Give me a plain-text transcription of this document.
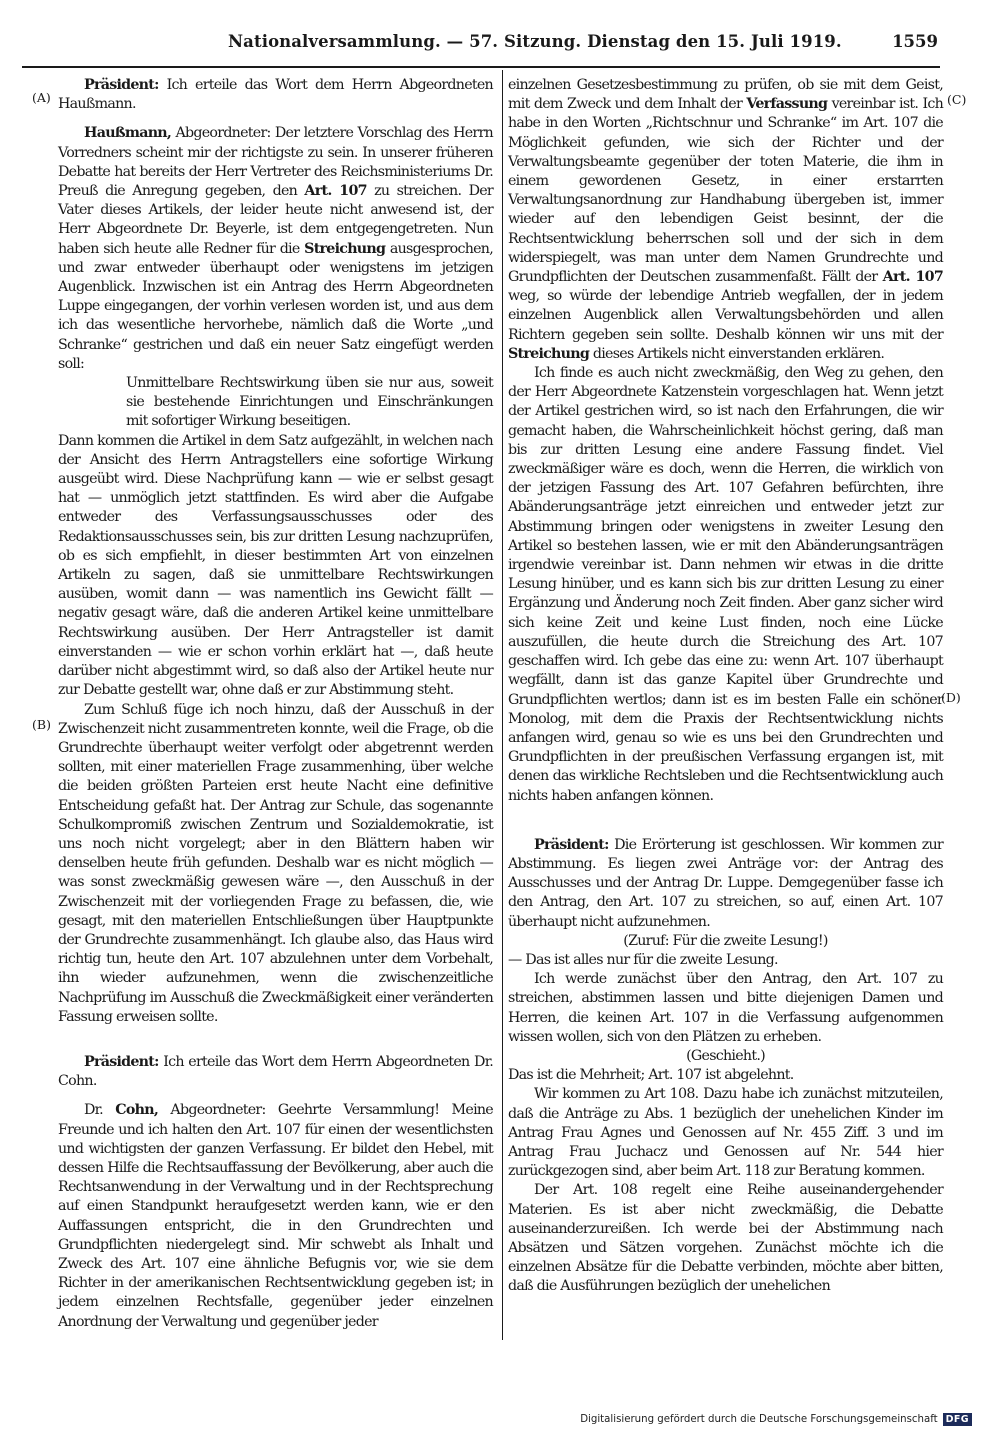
Nationalversammlung. — 57. Sitzung. Dienstag den 15. Juli 1919.	1559
(A)
(B)
(C)
(D)

Präsident: Ich erteile das Wort dem Herrn Abgeordneten Haußmann.

Haußmann, Abgeordneter: Der letztere Vorschlag des Herrn Vorredners scheint mir der richtigste zu sein. In unserer früheren Debatte hat bereits der Herr Vertreter des Reichsministeriums Dr. Preuß die Anregung gegeben, den Art. 107 zu streichen. Der Vater dieses Artikels, der leider heute nicht anwesend ist, der Herr Abgeordnete Dr. Beyerle, ist dem entgegengetreten. Nun haben sich heute alle Redner für die Streichung ausgesprochen, und zwar entweder überhaupt oder wenigstens im jetzigen Augenblick. Inzwischen ist ein Antrag des Herrn Abgeordneten Luppe eingegangen, der vorhin verlesen worden ist, und aus dem ich das wesentliche hervorhebe, nämlich daß die Worte „und Schranke“ gestrichen und daß ein neuer Satz eingefügt werden soll:

Unmittelbare Rechtswirkung üben sie nur aus, soweit sie bestehende Einrichtungen und Einschränkungen mit sofortiger Wirkung beseitigen.

Dann kommen die Artikel in dem Satz aufgezählt, in welchen nach der Ansicht des Herrn Antragstellers eine sofortige Wirkung ausgeübt wird. Diese Nachprüfung kann — wie er selbst gesagt hat — unmöglich jetzt stattfinden. Es wird aber die Aufgabe entweder des Verfassungsausschusses oder des Redaktionsausschusses sein, bis zur dritten Lesung nachzuprüfen, ob es sich empfiehlt, in dieser bestimmten Art von einzelnen Artikeln zu sagen, daß sie unmittelbare Rechtswirkungen ausüben, womit dann — was namentlich ins Gewicht fällt — negativ gesagt wäre, daß die anderen Artikel keine unmittelbare Rechtswirkung ausüben. Der Herr Antragsteller ist damit einverstanden — wie er schon vorhin erklärt hat —, daß heute darüber nicht abgestimmt wird, so daß also der Artikel heute nur zur Debatte gestellt war, ohne daß er zur Abstimmung steht.

Zum Schluß füge ich noch hinzu, daß der Ausschuß in der Zwischenzeit nicht zusammentreten konnte, weil die Frage, ob die Grundrechte überhaupt weiter verfolgt oder abgetrennt werden sollten, mit einer materiellen Frage zusammenhing, über welche die beiden größten Parteien erst heute Nacht eine definitive Entscheidung gefaßt hat. Der Antrag zur Schule, das sogenannte Schulkompromiß zwischen Zentrum und Sozialdemokratie, ist uns noch nicht vorgelegt; aber in den Blättern haben wir denselben heute früh gefunden. Deshalb war es nicht möglich — was sonst zweckmäßig gewesen wäre —, den Ausschuß in der Zwischenzeit mit der vorliegenden Frage zu befassen, die, wie gesagt, mit den materiellen Entschließungen über Hauptpunkte der Grundrechte zusammenhängt. Ich glaube also, das Haus wird richtig tun, heute den Art. 107 abzulehnen unter dem Vorbehalt, ihn wieder aufzunehmen, wenn die zwischenzeitliche Nachprüfung im Ausschuß die Zweckmäßigkeit einer veränderten Fassung erweisen sollte.

Präsident: Ich erteile das Wort dem Herrn Abgeordneten Dr. Cohn.

Dr. Cohn, Abgeordneter: Geehrte Versammlung! Meine Freunde und ich halten den Art. 107 für einen der wesentlichsten und wichtigsten der ganzen Verfassung. Er bildet den Hebel, mit dessen Hilfe die Rechtsauffassung der Bevölkerung, aber auch die Rechtsanwendung in der Verwaltung und in der Rechtsprechung auf einen Standpunkt heraufgesetzt werden kann, wie er den Auffassungen entspricht, die in den Grundrechten und Grundpflichten niedergelegt sind. Mir schwebt als Inhalt und Zweck des Art. 107 eine ähnliche Befugnis vor, wie sie dem Richter in der amerikanischen Rechtsentwicklung gegeben ist; in jedem einzelnen Rechtsfalle, gegenüber jeder einzelnen Anordnung der Verwaltung und gegenüber jeder

einzelnen Gesetzesbestimmung zu prüfen, ob sie mit dem Geist, mit dem Zweck und dem Inhalt der Verfassung vereinbar ist. Ich habe in den Worten „Richtschnur und Schranke“ im Art. 107 die Möglichkeit gefunden, wie sich der Richter und der Verwaltungsbeamte gegenüber der toten Materie, die ihm in einem gewordenen Gesetz, in einer erstarrten Verwaltungsanordnung zur Handhabung übergeben ist, immer wieder auf den lebendigen Geist besinnt, der die Rechtsentwicklung beherrschen soll und der sich in dem widerspiegelt, was man unter dem Namen Grundrechte und Grundpflichten der Deutschen zusammenfaßt. Fällt der Art. 107 weg, so würde der lebendige Antrieb wegfallen, der in jedem einzelnen Augenblick allen Verwaltungsbehörden und allen Richtern gegeben sein sollte. Deshalb können wir uns mit der Streichung dieses Artikels nicht einverstanden erklären.

Ich finde es auch nicht zweckmäßig, den Weg zu gehen, den der Herr Abgeordnete Katzenstein vorgeschlagen hat. Wenn jetzt der Artikel gestrichen wird, so ist nach den Erfahrungen, die wir gemacht haben, die Wahrscheinlichkeit höchst gering, daß man bis zur dritten Lesung eine andere Fassung findet. Viel zweckmäßiger wäre es doch, wenn die Herren, die wirklich von der jetzigen Fassung des Art. 107 Gefahren befürchten, ihre Abänderungsanträge jetzt einreichen und entweder jetzt zur Abstimmung bringen oder wenigstens in zweiter Lesung den Artikel so bestehen lassen, wie er mit den Abänderungsanträgen irgendwie vereinbar ist. Dann nehmen wir etwas in die dritte Lesung hinüber, und es kann sich bis zur dritten Lesung zu einer Ergänzung und Änderung noch Zeit finden. Aber ganz sicher wird sich keine Zeit und keine Lust finden, noch eine Lücke auszufüllen, die heute durch die Streichung des Art. 107 geschaffen wird. Ich gebe das eine zu: wenn Art. 107 überhaupt wegfällt, dann ist das ganze Kapitel über Grundrechte und Grundpflichten wertlos; dann ist es im besten Falle ein schöner Monolog, mit dem die Praxis der Rechtsentwicklung nichts anfangen wird, genau so wie es uns bei den Grundrechten und Grundpflichten in der preußischen Verfassung ergangen ist, mit denen das wirkliche Rechtsleben und die Rechtsentwicklung auch nichts haben anfangen können.

Präsident: Die Erörterung ist geschlossen. Wir kommen zur Abstimmung. Es liegen zwei Anträge vor: der Antrag des Ausschusses und der Antrag Dr. Luppe. Demgegenüber fasse ich den Antrag, den Art. 107 zu streichen, so auf, einen Art. 107 überhaupt nicht aufzunehmen.

(Zuruf: Für die zweite Lesung!)

— Das ist alles nur für die zweite Lesung.

Ich werde zunächst über den Antrag, den Art. 107 zu streichen, abstimmen lassen und bitte diejenigen Damen und Herren, die keinen Art. 107 in die Verfassung aufgenommen wissen wollen, sich von den Plätzen zu erheben.

(Geschieht.)

Das ist die Mehrheit; Art. 107 ist abgelehnt.

Wir kommen zu Art 108. Dazu habe ich zunächst mitzuteilen, daß die Anträge zu Abs. 1 bezüglich der unehelichen Kinder im Antrag Frau Agnes und Genossen auf Nr. 455 Ziff. 3 und im Antrag Frau Juchacz und Genossen auf Nr. 544 hier zurückgezogen sind, aber beim Art. 118 zur Beratung kommen.

Der Art. 108 regelt eine Reihe auseinandergehender Materien. Es ist aber nicht zweckmäßig, die Debatte auseinanderzureißen. Ich werde bei der Abstimmung nach Absätzen und Sätzen vorgehen. Zunächst möchte ich die einzelnen Absätze für die Debatte verbinden, möchte aber bitten, daß die Ausführungen bezüglich der unehelichen

Digitalisierung gefördert durch die Deutsche Forschungsgemeinschaft DFG
